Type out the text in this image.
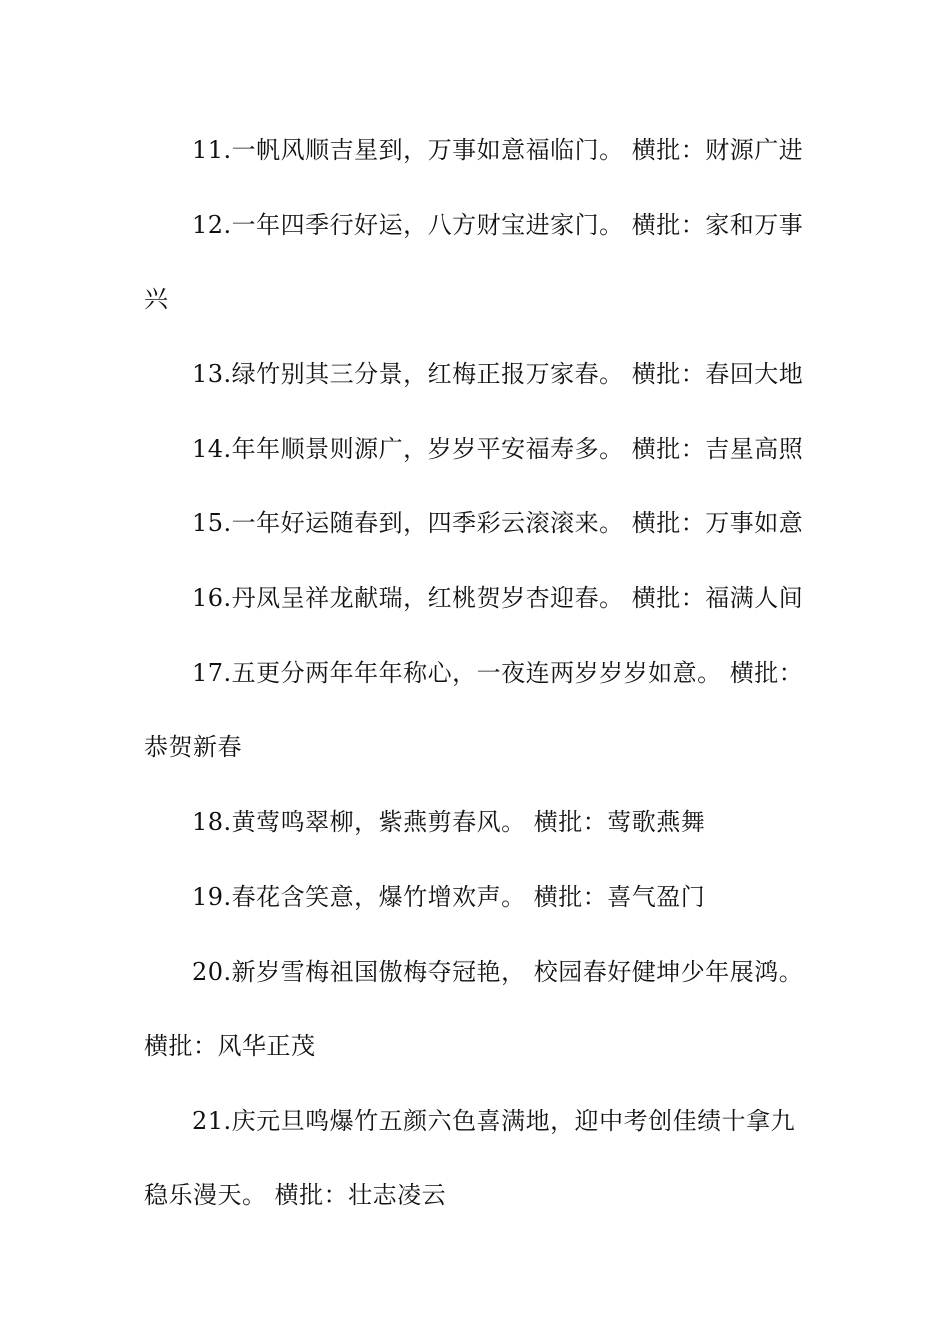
11.一帆风顺吉星到，万事如意福临门。 横批：财源广进

12.一年四季行好运，八方财宝进家门。 横批：家和万事兴

13.绿竹别其三分景，红梅正报万家春。 横批：春回大地

14.年年顺景则源广，岁岁平安福寿多。 横批：吉星高照

15.一年好运随春到，四季彩云滚滚来。 横批：万事如意

16.丹凤呈祥龙献瑞，红桃贺岁杏迎春。 横批：福满人间

17.五更分两年年年称心，一夜连两岁岁岁如意。 横批：恭贺新春

18.黄莺鸣翠柳，紫燕剪春风。 横批：莺歌燕舞

19.春花含笑意，爆竹增欢声。 横批：喜气盈门

20.新岁雪梅祖国傲梅夺冠艳， 校园春好健坤少年展鸿。横批：风华正茂

21.庆元旦鸣爆竹五颜六色喜满地，迎中考创佳绩十拿九稳乐漫天。 横批：壮志凌云
